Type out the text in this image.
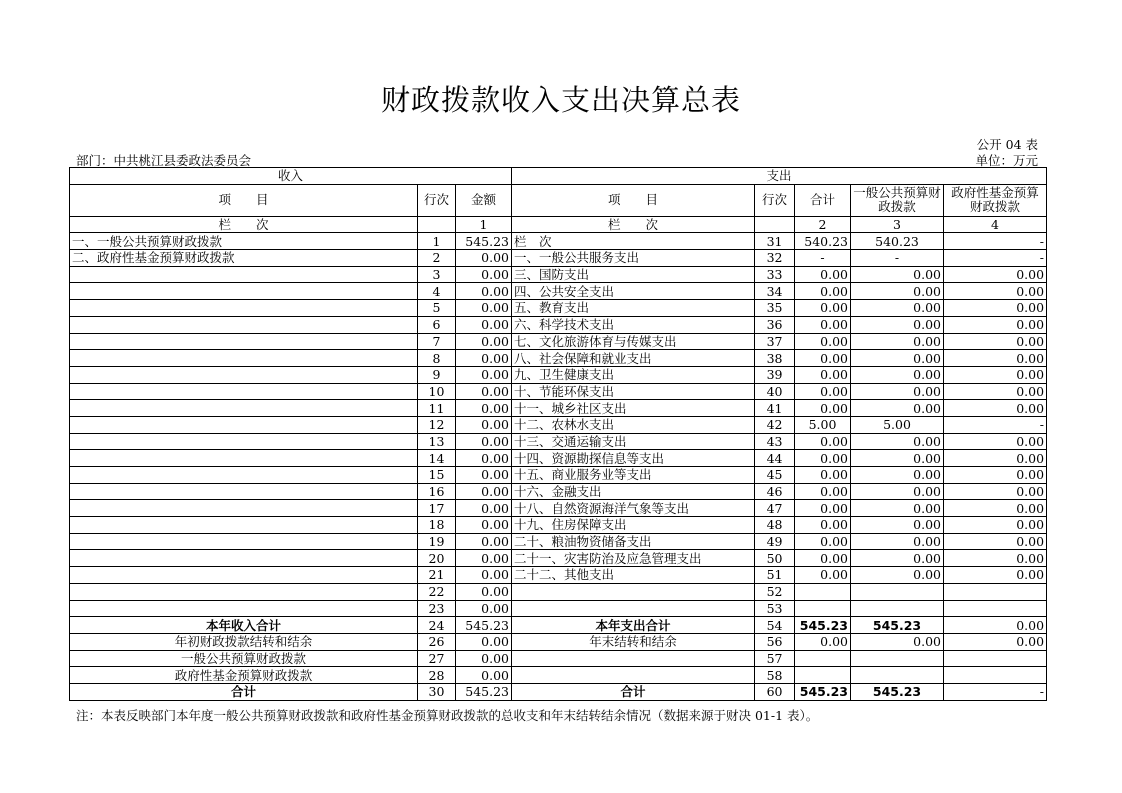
财政拨款收入支出决算总表
公开 04 表
部门：中共桃江县委政法委员会	单位：万元
收入			支出				
项　　目	行次	金额	项　　目	行次	合计	一般公共预算财政拨款	政府性基金预算财政拨款
栏　　次		1	栏　　次		2	3	4
一、一般公共预算财政拨款	1	545.23	栏　次	31	540.23	540.23	-
二、政府性基金预算财政拨款	2	0.00	一、一般公共服务支出	32	-	-	-
	3	0.00	三、国防支出	33	0.00	0.00	0.00
	4	0.00	四、公共安全支出	34	0.00	0.00	0.00
	5	0.00	五、教育支出	35	0.00	0.00	0.00
	6	0.00	六、科学技术支出	36	0.00	0.00	0.00
	7	0.00	七、文化旅游体育与传媒支出	37	0.00	0.00	0.00
	8	0.00	八、社会保障和就业支出	38	0.00	0.00	0.00
	9	0.00	九、卫生健康支出	39	0.00	0.00	0.00
	10	0.00	十、节能环保支出	40	0.00	0.00	0.00
	11	0.00	十一、城乡社区支出	41	0.00	0.00	0.00
	12	0.00	十二、农林水支出	42	5.00	5.00	-
	13	0.00	十三、交通运输支出	43	0.00	0.00	0.00
	14	0.00	十四、资源勘探信息等支出	44	0.00	0.00	0.00
	15	0.00	十五、商业服务业等支出	45	0.00	0.00	0.00
	16	0.00	十六、金融支出	46	0.00	0.00	0.00
	17	0.00	十八、自然资源海洋气象等支出	47	0.00	0.00	0.00
	18	0.00	十九、住房保障支出	48	0.00	0.00	0.00
	19	0.00	二十、粮油物资储备支出	49	0.00	0.00	0.00
	20	0.00	二十一、灾害防治及应急管理支出	50	0.00	0.00	0.00
	21	0.00	二十二、其他支出	51	0.00	0.00	0.00
	22	0.00		52			
	23	0.00		53			
本年收入合计	24	545.23	本年支出合计	54	545.23	545.23	0.00
年初财政拨款结转和结余	26	0.00	年末结转和结余	56	0.00	0.00	0.00
一般公共预算财政拨款	27	0.00		57			
政府性基金预算财政拨款	28	0.00		58			
合计	30	545.23	合计	60	545.23	545.23	-
注：本表反映部门本年度一般公共预算财政拨款和政府性基金预算财政拨款的总收支和年末结转结余情况（数据来源于财决 01-1 表）。
